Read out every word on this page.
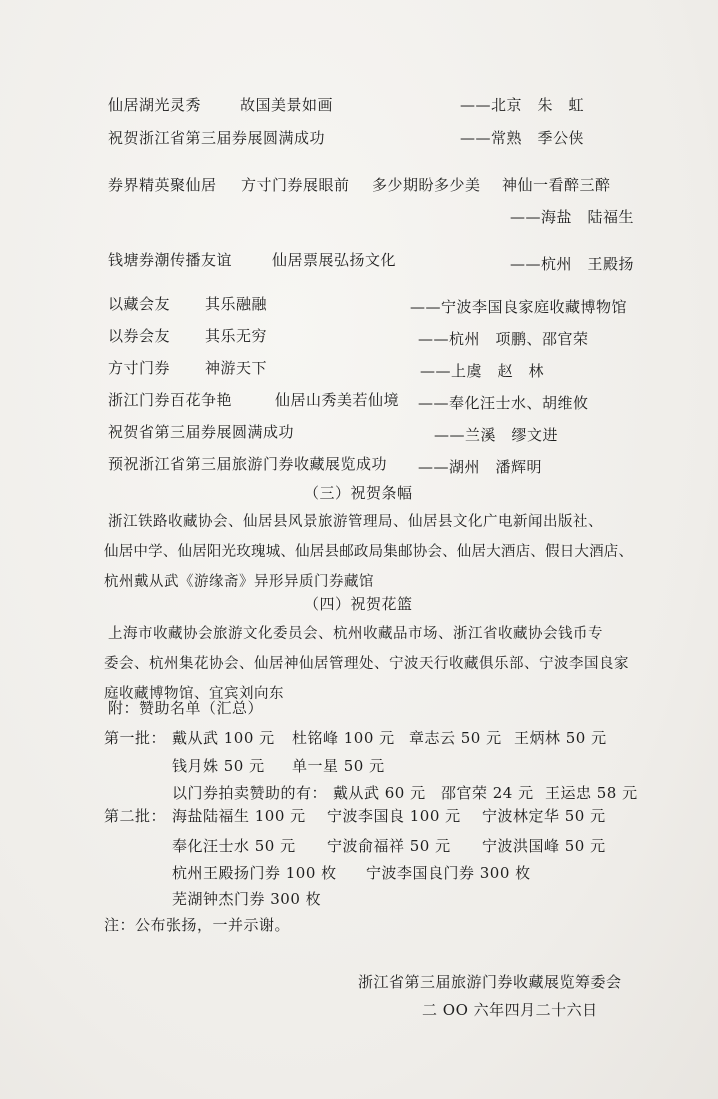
仙居湖光灵秀	故国美景如画	——北京　朱　虹
祝贺浙江省第三届券展圆满成功	——常熟　季公侠
券界精英聚仙居 方寸门券展眼前 多少期盼多少美 神仙一看醉三醉
——海盐　陆福生
钱塘券潮传播友谊	仙居票展弘扬文化	——杭州　王殿扬
以藏会友 其乐融融	——宁波李国良家庭收藏博物馆
以券会友 其乐无穷	——杭州　项鹏、邵官荣
方寸门券 神游天下	——上虞　赵　林
浙江门券百花争艳	仙居山秀美若仙境 ——奉化汪士水、胡维攸
祝贺省第三届券展圆满成功	——兰溪　缪文进
预祝浙江省第三届旅游门券收藏展览成功 ——湖州　潘辉明
（三）祝贺条幅
浙江铁路收藏协会、仙居县风景旅游管理局、仙居县文化广电新闻出版社、
仙居中学、仙居阳光玫瑰城、仙居县邮政局集邮协会、仙居大酒店、假日大酒店、
杭州戴从武《游缘斋》异形异质门券藏馆
（四）祝贺花篮
上海市收藏协会旅游文化委员会、杭州收藏品市场、浙江省收藏协会钱币专
委会、杭州集花协会、仙居神仙居管理处、宁波天行收藏俱乐部、宁波李国良家
庭收藏博物馆、宜宾刘向东
附：赞助名单（汇总）
第一批： 戴从武 100 元 杜铭峰 100 元 章志云 50 元 王炳林 50 元
钱月姝 50 元 单一星 50 元
以门券拍卖赞助的有： 戴从武 60 元 邵官荣 24 元 王运忠 58 元
第二批： 海盐陆福生 100 元 宁波李国良 100 元 宁波林定华 50 元
奉化汪士水 50 元 宁波俞福祥 50 元 宁波洪国峰 50 元
杭州王殿扬门券 100 枚 宁波李国良门券 300 枚
芜湖钟杰门券 300 枚
注：公布张扬，一并示谢。
浙江省第三届旅游门券收藏展览筹委会
二 OO 六年四月二十六日
